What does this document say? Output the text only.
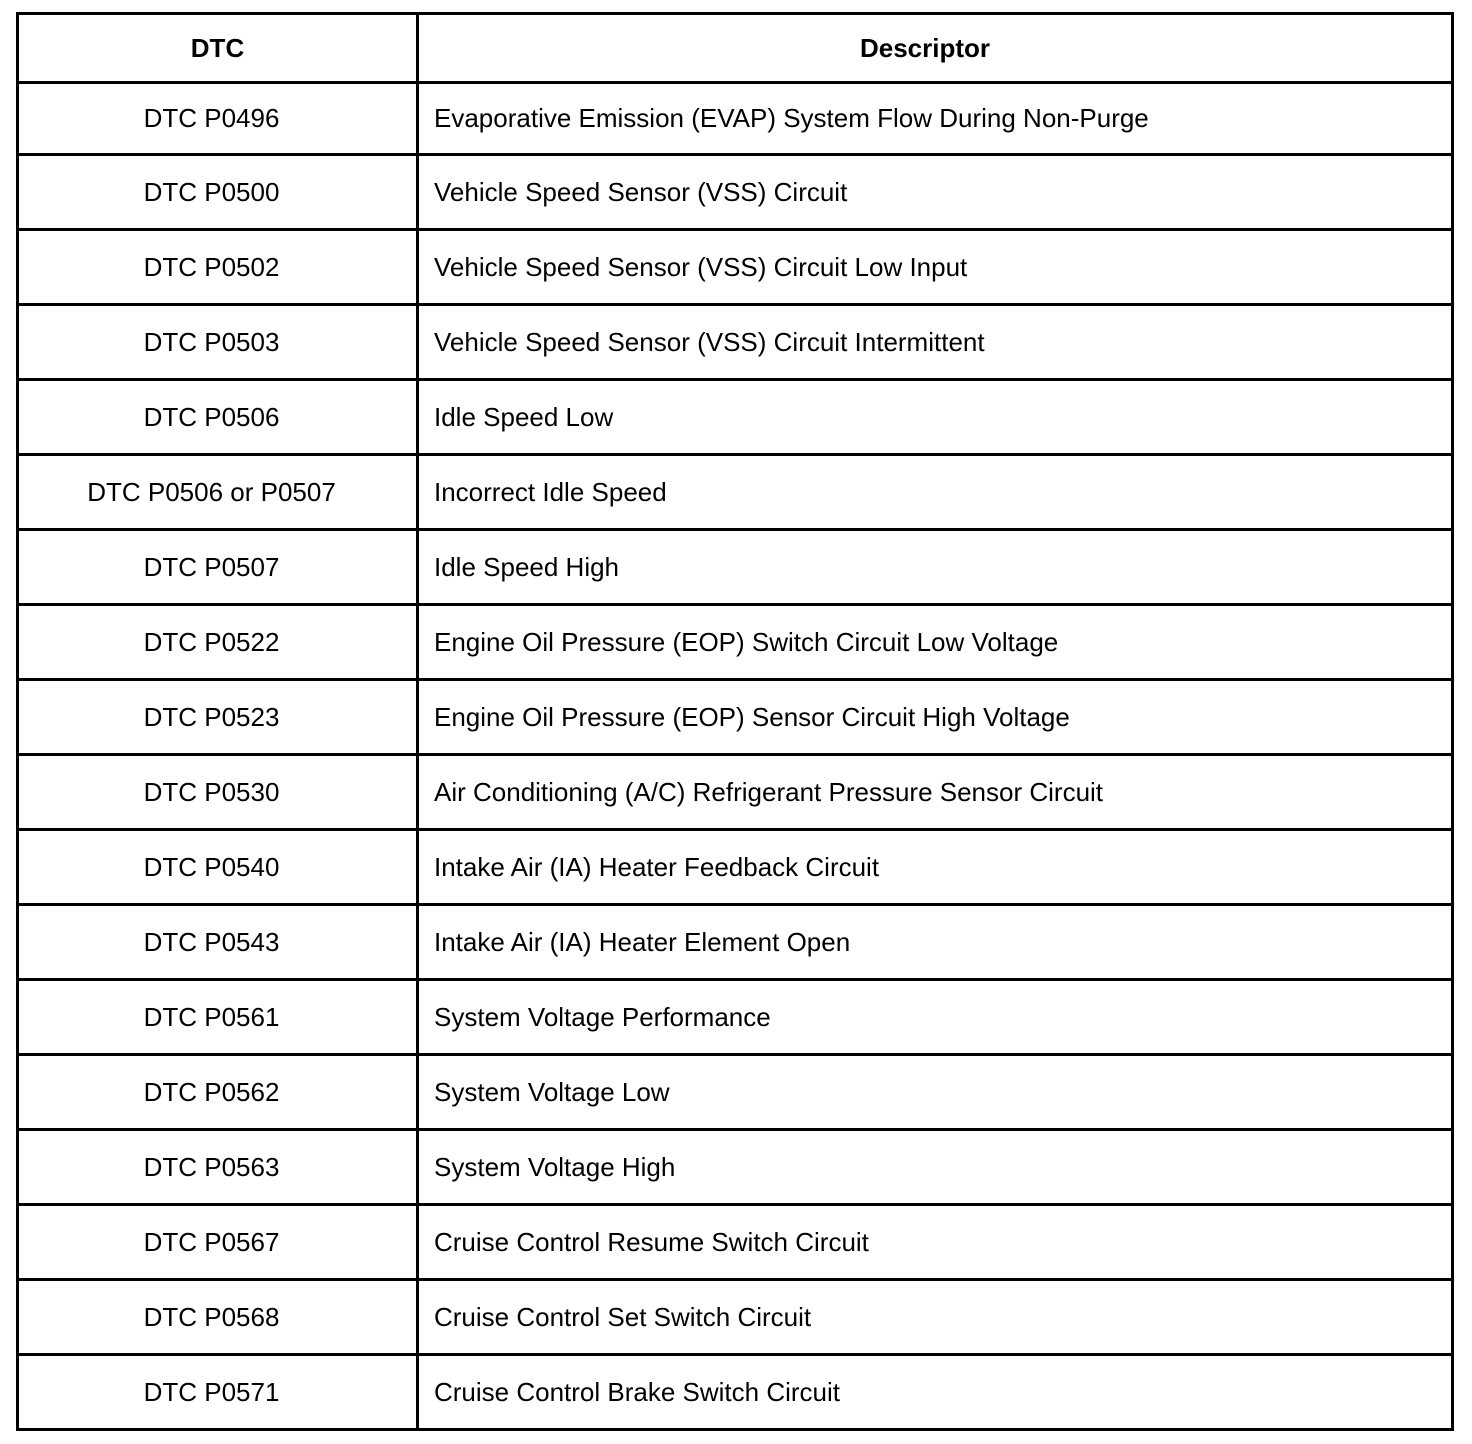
DTC	Descriptor
DTC P0496	Evaporative Emission (EVAP) System Flow During Non-Purge
DTC P0500	Vehicle Speed Sensor (VSS) Circuit
DTC P0502	Vehicle Speed Sensor (VSS) Circuit Low Input
DTC P0503	Vehicle Speed Sensor (VSS) Circuit Intermittent
DTC P0506	Idle Speed Low
DTC P0506 or P0507	Incorrect Idle Speed
DTC P0507	Idle Speed High
DTC P0522	Engine Oil Pressure (EOP) Switch Circuit Low Voltage
DTC P0523	Engine Oil Pressure (EOP) Sensor Circuit High Voltage
DTC P0530	Air Conditioning (A/C) Refrigerant Pressure Sensor Circuit
DTC P0540	Intake Air (IA) Heater Feedback Circuit
DTC P0543	Intake Air (IA) Heater Element Open
DTC P0561	System Voltage Performance
DTC P0562	System Voltage Low
DTC P0563	System Voltage High
DTC P0567	Cruise Control Resume Switch Circuit
DTC P0568	Cruise Control Set Switch Circuit
DTC P0571	Cruise Control Brake Switch Circuit
